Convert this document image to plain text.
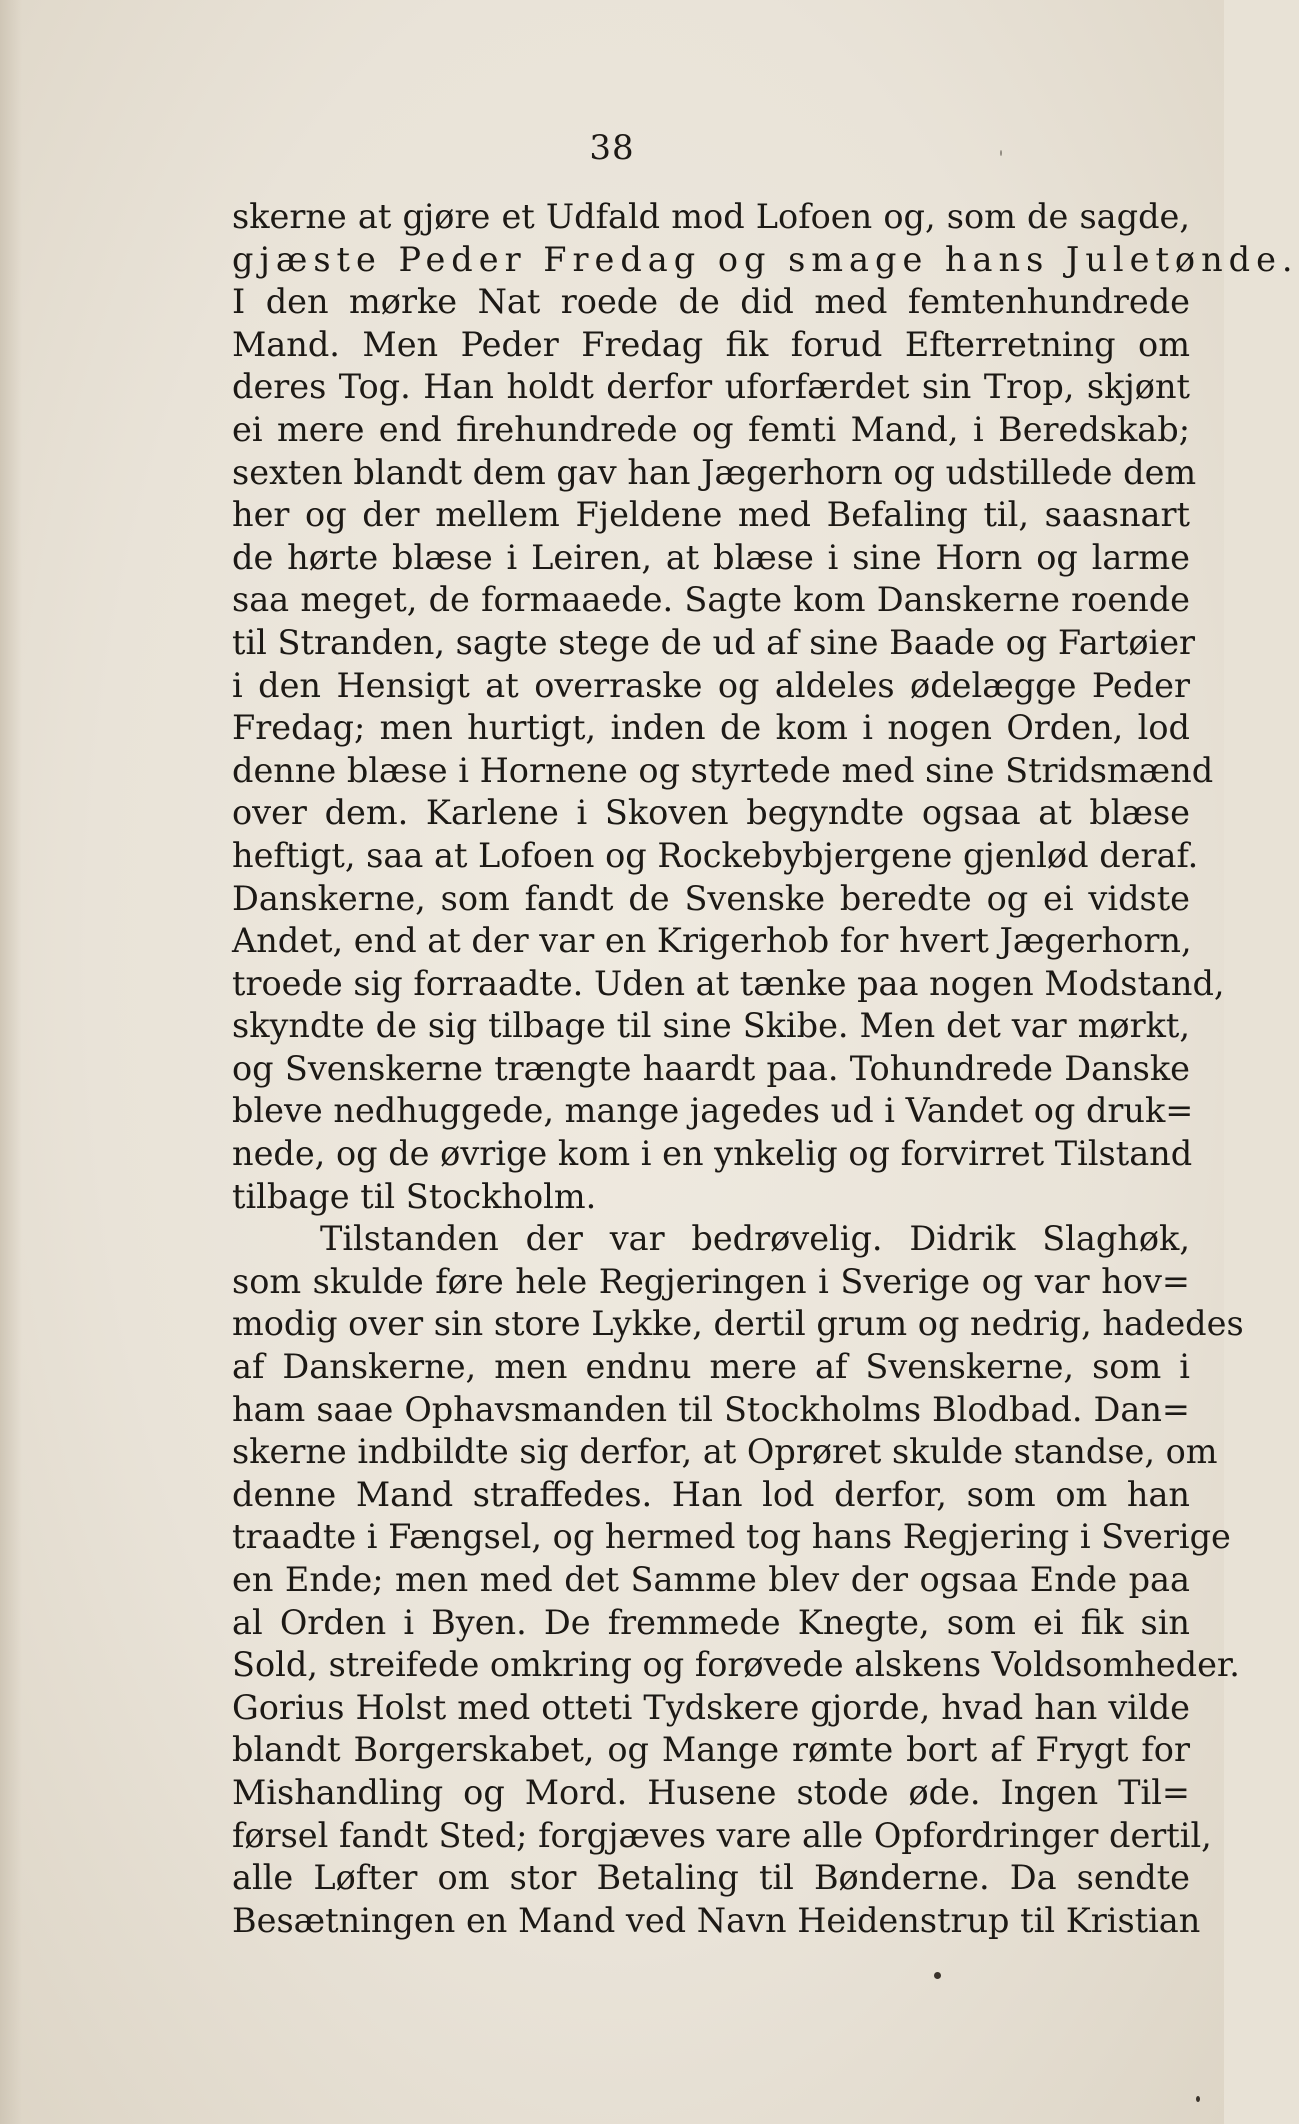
38
skerne at gjøre et Udfald mod Lofoen og, som de sagde,
gjæste Peder Fredag og smage hans Juletønde.
I den mørke Nat roede de did med femtenhundrede
Mand. Men Peder Fredag fik forud Efterretning om
deres Tog. Han holdt derfor uforfærdet sin Trop, skjønt
ei mere end firehundrede og femti Mand, i Beredskab;
sexten blandt dem gav han Jægerhorn og udstillede dem
her og der mellem Fjeldene med Befaling til, saasnart
de hørte blæse i Leiren, at blæse i sine Horn og larme
saa meget, de formaaede. Sagte kom Danskerne roende
til Stranden, sagte stege de ud af sine Baade og Fartøier
i den Hensigt at overraske og aldeles ødelægge Peder
Fredag; men hurtigt, inden de kom i nogen Orden, lod
denne blæse i Hornene og styrtede med sine Stridsmænd
over dem. Karlene i Skoven begyndte ogsaa at blæse
heftigt, saa at Lofoen og Rockebybjergene gjenlød deraf.
Danskerne, som fandt de Svenske beredte og ei vidste
Andet, end at der var en Krigerhob for hvert Jægerhorn,
troede sig forraadte. Uden at tænke paa nogen Modstand,
skyndte de sig tilbage til sine Skibe. Men det var mørkt,
og Svenskerne trængte haardt paa. Tohundrede Danske
bleve nedhuggede, mange jagedes ud i Vandet og druk=
nede, og de øvrige kom i en ynkelig og forvirret Tilstand
tilbage til Stockholm.
Tilstanden der var bedrøvelig. Didrik Slaghøk,
som skulde føre hele Regjeringen i Sverige og var hov=
modig over sin store Lykke, dertil grum og nedrig, hadedes
af Danskerne, men endnu mere af Svenskerne, som i
ham saae Ophavsmanden til Stockholms Blodbad. Dan=
skerne indbildte sig derfor, at Oprøret skulde standse, om
denne Mand straffedes. Han lod derfor, som om han
traadte i Fængsel, og hermed tog hans Regjering i Sverige
en Ende; men med det Samme blev der ogsaa Ende paa
al Orden i Byen. De fremmede Knegte, som ei fik sin
Sold, streifede omkring og forøvede alskens Voldsomheder.
Gorius Holst med otteti Tydskere gjorde, hvad han vilde
blandt Borgerskabet, og Mange rømte bort af Frygt for
Mishandling og Mord. Husene stode øde. Ingen Til=
førsel fandt Sted; forgjæves vare alle Opfordringer dertil,
alle Løfter om stor Betaling til Bønderne. Da sendte
Besætningen en Mand ved Navn Heidenstrup til Kristian
